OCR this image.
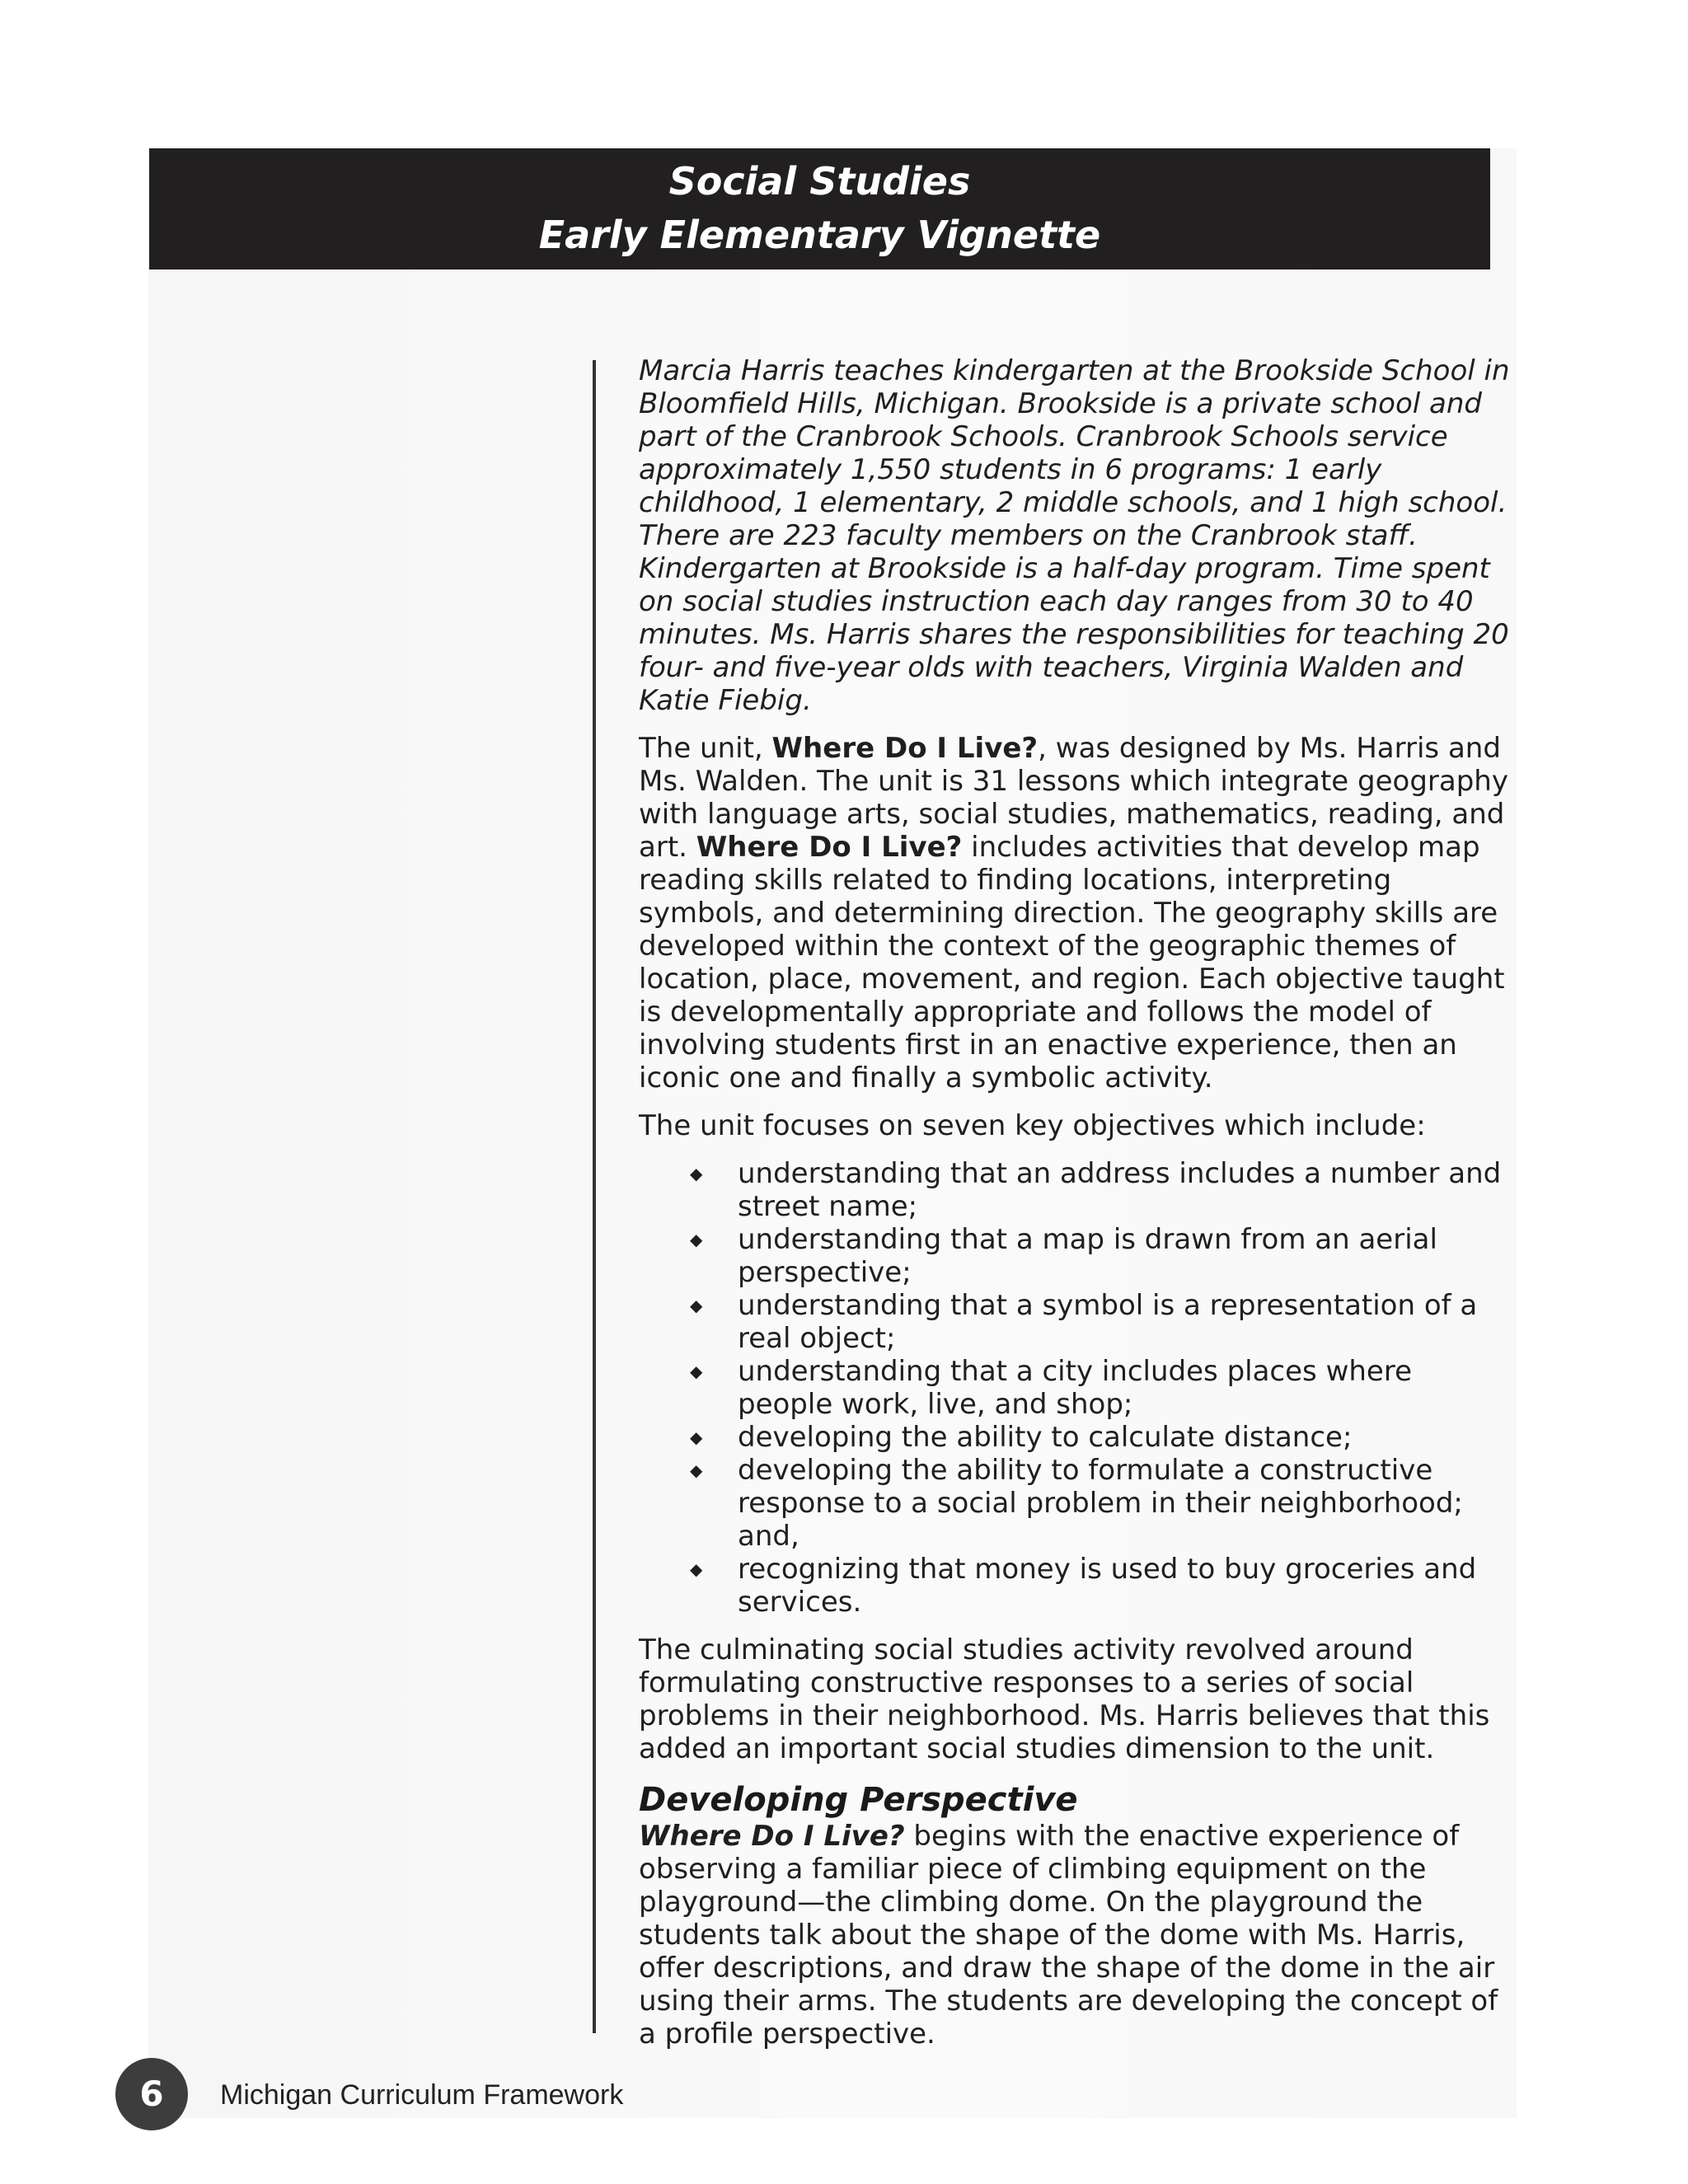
Social Studies
Early Elementary Vignette

Marcia Harris teaches kindergarten at the Brookside School in Bloomfield Hills, Michigan. Brookside is a private school and part of the Cranbrook Schools. Cranbrook Schools service approximately 1,550 students in 6 programs: 1 early childhood, 1 elementary, 2 middle schools, and 1 high school. There are 223 faculty members on the Cranbrook staff. Kindergarten at Brookside is a half-day program. Time spent on social studies instruction each day ranges from 30 to 40 minutes. Ms. Harris shares the responsibilities for teaching 20 four- and five-year olds with teachers, Virginia Walden and Katie Fiebig.

The unit, Where Do I Live?, was designed by Ms. Harris and Ms. Walden. The unit is 31 lessons which integrate geography with language arts, social studies, mathematics, reading, and art. Where Do I Live? includes activities that develop map reading skills related to finding locations, interpreting symbols, and determining direction. The geography skills are developed within the context of the geographic themes of location, place, movement, and region. Each objective taught is developmentally appropriate and follows the model of involving students first in an enactive experience, then an iconic one and finally a symbolic activity.

The unit focuses on seven key objectives which include:

◆ understanding that an address includes a number and street name;
◆ understanding that a map is drawn from an aerial perspective;
◆ understanding that a symbol is a representation of a real object;
◆ understanding that a city includes places where people work, live, and shop;
◆ developing the ability to calculate distance;
◆ developing the ability to formulate a constructive response to a social problem in their neighborhood; and,
◆ recognizing that money is used to buy groceries and services.

The culminating social studies activity revolved around formulating constructive responses to a series of social problems in their neighborhood. Ms. Harris believes that this added an important social studies dimension to the unit.

Developing Perspective

Where Do I Live? begins with the enactive experience of observing a familiar piece of climbing equipment on the playground—the climbing dome. On the playground the students talk about the shape of the dome with Ms. Harris, offer descriptions, and draw the shape of the dome in the air using their arms. The students are developing the concept of a profile perspective.

6	Michigan Curriculum Framework
